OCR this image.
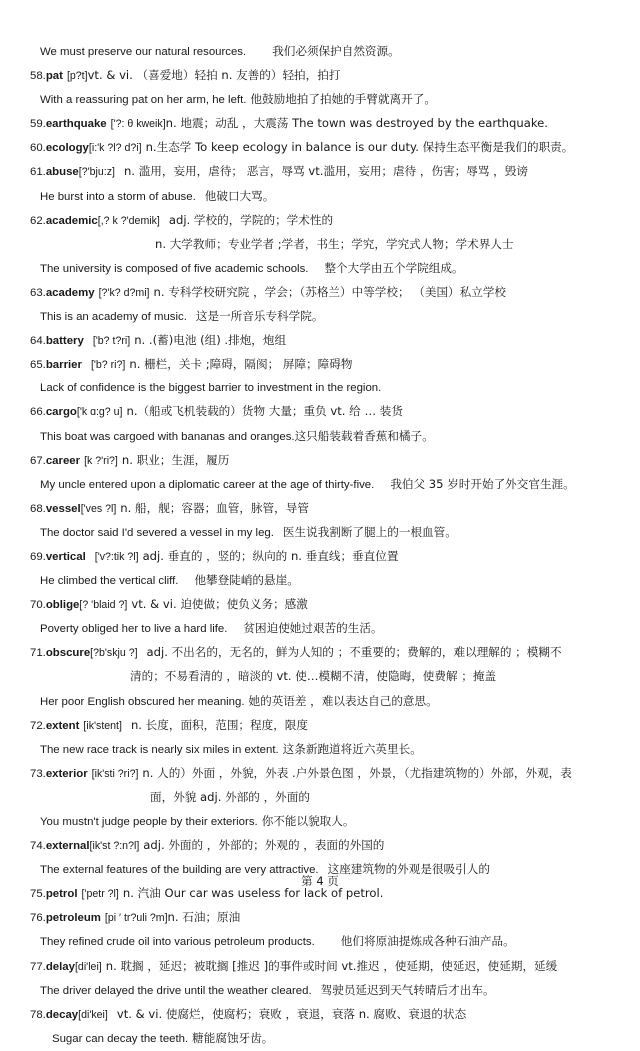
We must preserve our natural resources. 我们必须保护自然资源。
58.pat [p?t]vt. & vi. （喜爱地）轻拍 n. 友善的）轻拍，拍打
With a reassuring pat on her arm, he left. 他鼓励地拍了拍她的手臂就离开了。
59.earthquake ['?: θ kweik]n. 地震；动乱 ，大震荡 The town was destroyed by the earthquake.
60.ecology[i:'k ?l? d?i] n.生态学 To keep ecology in balance is our duty. 保持生态平衡是我们的职责。
61.abuse[?'bju:z] n. 滥用，妄用，虐待； 恶言，辱骂 vt.滥用，妄用；虐待 ，伤害；辱骂 ，毁谤
He burst into a storm of abuse. 他破口大骂。
62.academic[,? k ?'demik] adj. 学校的，学院的；学术性的
n. 大学教师；专业学者 ;学者，书生；学究，学究式人物；学术界人士
The university is composed of five academic schools. 整个大学由五个学院组成。
63.academy [?'k? d?mi] n. 专科学校研究院 ，学会；（苏格兰）中等学校； （美国）私立学校
This is an academy of music. 这是一所音乐专科学院。
64.battery ['b? t?ri] n. .(蓄)电池 (组) .排炮，炮组
65.barrier ['b? ri?] n. 栅栏，关卡 ;障碍，隔阂； 屏障；障碍物
Lack of confidence is the biggest barrier to investment in the region.
66.cargo['k ɑ:g? u] n.（船或飞机装载的）货物 大量；重负 vt. 给 … 装货
This boat was cargoed with bananas and oranges.这只船装载着香蕉和橘子。
67.career [k ?'ri?] n. 职业；生涯，履历
My uncle entered upon a diplomatic career at the age of thirty-five. 我伯父 35 岁时开始了外交官生涯。
68.vessel['ves ?l] n. 船，舰；容器；血管，脉管，导管
The doctor said I'd severed a vessel in my leg. 医生说我割断了腿上的一根血管。
69.vertical ['v?:tik ?l] adj. 垂直的 ，竖的；纵向的 n. 垂直线；垂直位置
He climbed the vertical cliff. 他攀登陡峭的悬崖。
70.oblige[? 'blaid ?] vt. & vi. 迫使做；使负义务；感激
Poverty obliged her to live a hard life. 贫困迫使她过艰苦的生活。
71.obscure[?b'skju ?] adj. 不出名的，无名的，鲜为人知的 ；不重要的；费解的，难以理解的 ；模糊不
清的；不易看清的 ，暗淡的 vt. 使…模糊不清，使隐晦，使费解 ；掩盖
Her poor English obscured her meaning. 她的英语差 ，难以表达自己的意思。
72.extent [ik'stent] n. 长度，面积，范围；程度，限度
The new race track is nearly six miles in extent. 这条新跑道将近六英里长。
73.exterior [ik'sti ?ri?] n. 人的）外面 ，外貌，外表 .户外景色图 ，外景，（尤指建筑物的）外部，外观，表
面，外貌 adj. 外部的 ，外面的
You mustn't judge people by their exteriors. 你不能以貌取人。
74.external[ik'st ?:n?l] adj. 外面的 ，外部的；外观的 ，表面的外国的
The external features of the building are very attractive. 这座建筑物的外观是很吸引人的
75.petrol ['petr ?l] n. 汽油 Our car was useless for lack of petrol.
76.petroleum [pi ′ tr?uli ?m]n. 石油；原油
They refined crude oil into various petroleum products. 他们将原油提炼成各种石油产品。
77.delay[di'lei] n. 耽搁 ，延迟；被耽搁 [推迟 ]的事件或时间 vt.推迟 ，使延期，使延迟，使延期，延缓
The driver delayed the drive until the weather cleared. 驾驶员延迟到天气转晴后才出车。
78.decay[di'kei] vt. & vi. 使腐烂，使腐朽；衰败 ，衰退，衰落 n. 腐败、衰退的状态
Sugar can decay the teeth. 糖能腐蚀牙齿。
第 4 页
